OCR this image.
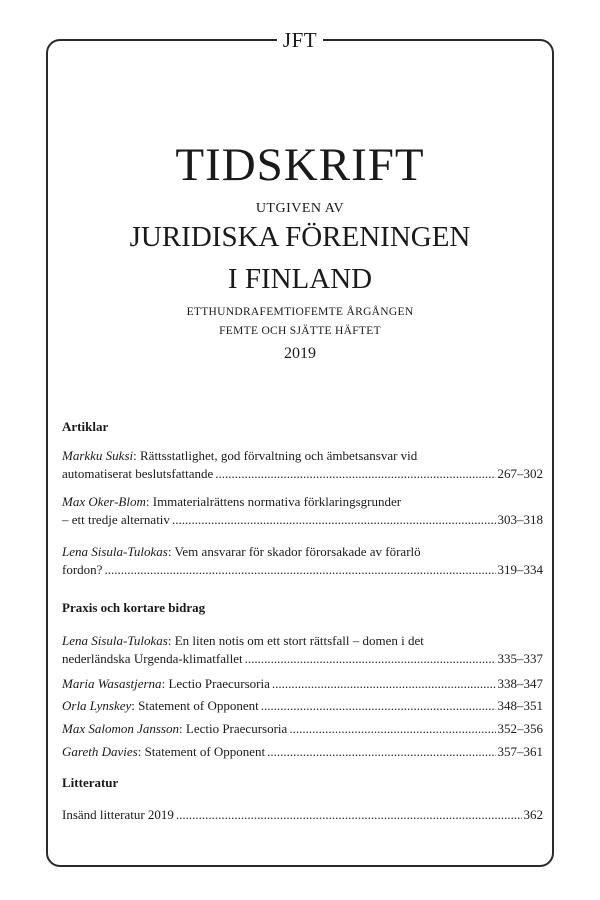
JFT
TIDSKRIFT
UTGIVEN AV
JURIDISKA FÖRENINGEN
I FINLAND
ETTHUNDRAFEMTIOFEMTE ÅRGÅNGEN
FEMTE OCH SJÄTTE HÄFTET
2019
Artiklar
Markku Suksi: Rättsstatlighet, god förvaltning och ämbetsansvar vid
automatiserat beslutsfattande .....	267–302
Max Oker-Blom: Immaterialrättens normativa förklaringsgrunder
– ett tredje alternativ .....	303–318
Lena Sisula-Tulokas: Vem ansvarar för skador förorsakade av förarlö
fordon? .....	319–334
Praxis och kortare bidrag
Lena Sisula-Tulokas: En liten notis om ett stort rättsfall – domen i det
nederländska Urgenda-klimatfallet .....	335–337
Maria Wasastjerna: Lectio Praecursoria .....	338–347
Orla Lynskey: Statement of Opponent .....	348–351
Max Salomon Jansson: Lectio Praecursoria .....	352–356
Gareth Davies: Statement of Opponent .....	357–361
Litteratur
Insänd litteratur 2019 .....	362
